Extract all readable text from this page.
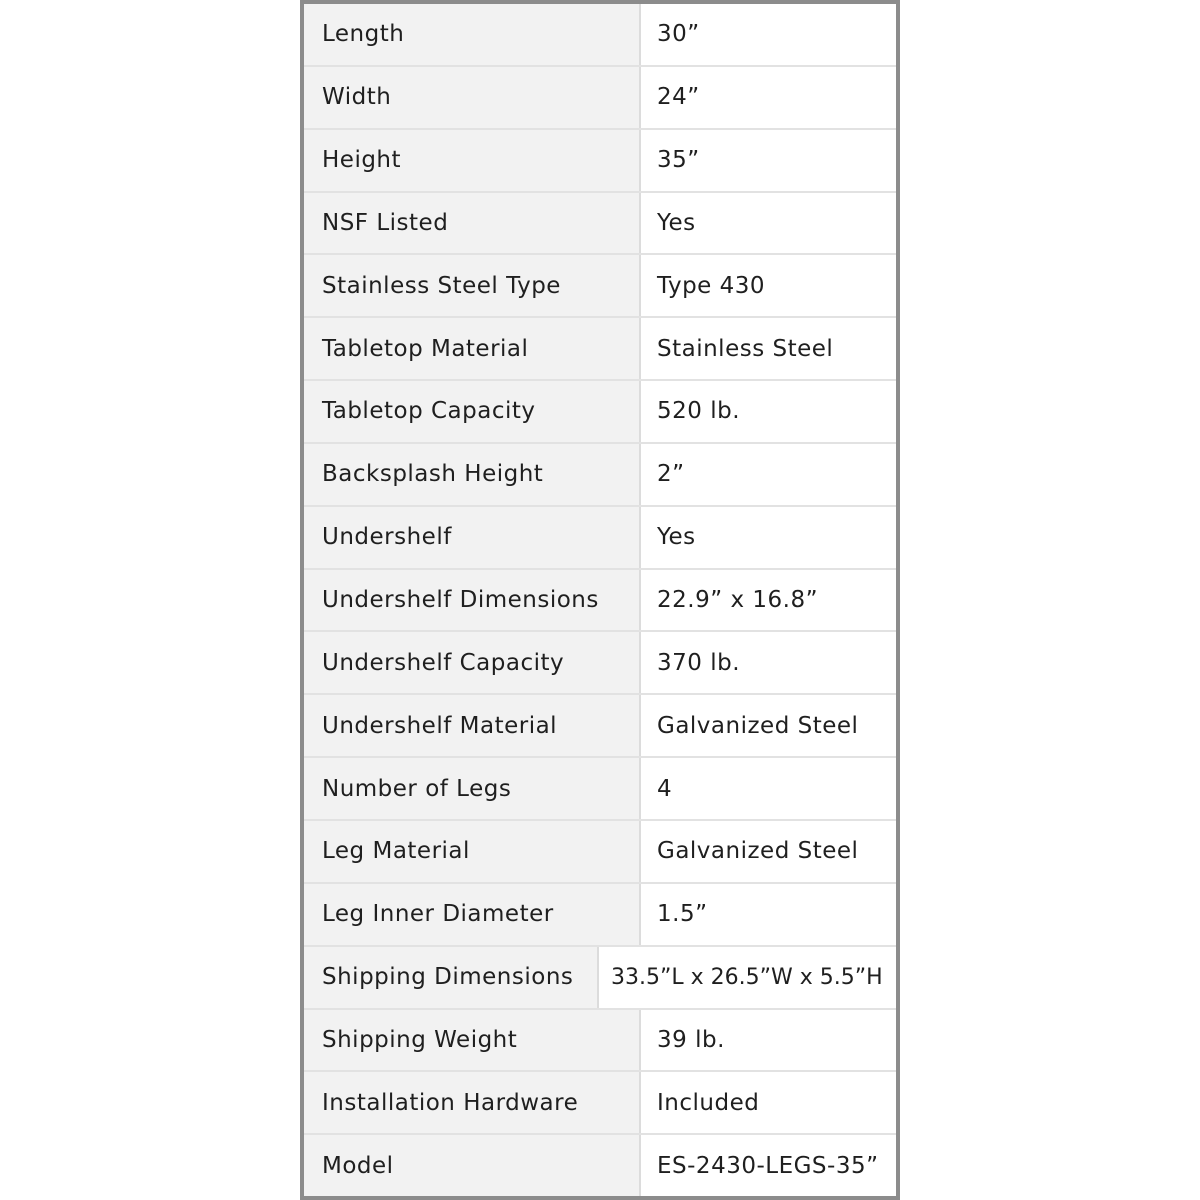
Length	30”
Width	24”
Height	35”
NSF Listed	Yes
Stainless Steel Type	Type 430
Tabletop Material	Stainless Steel
Tabletop Capacity	520 lb.
Backsplash Height	2”
Undershelf	Yes
Undershelf Dimensions	22.9” x 16.8”
Undershelf Capacity	370 lb.
Undershelf Material	Galvanized Steel
Number of Legs	4
Leg Material	Galvanized Steel
Leg Inner Diameter	1.5”
Shipping Dimensions	33.5”L x 26.5”W x 5.5”H
Shipping Weight	39 lb.
Installation Hardware	Included
Model	ES-2430-LEGS-35”
